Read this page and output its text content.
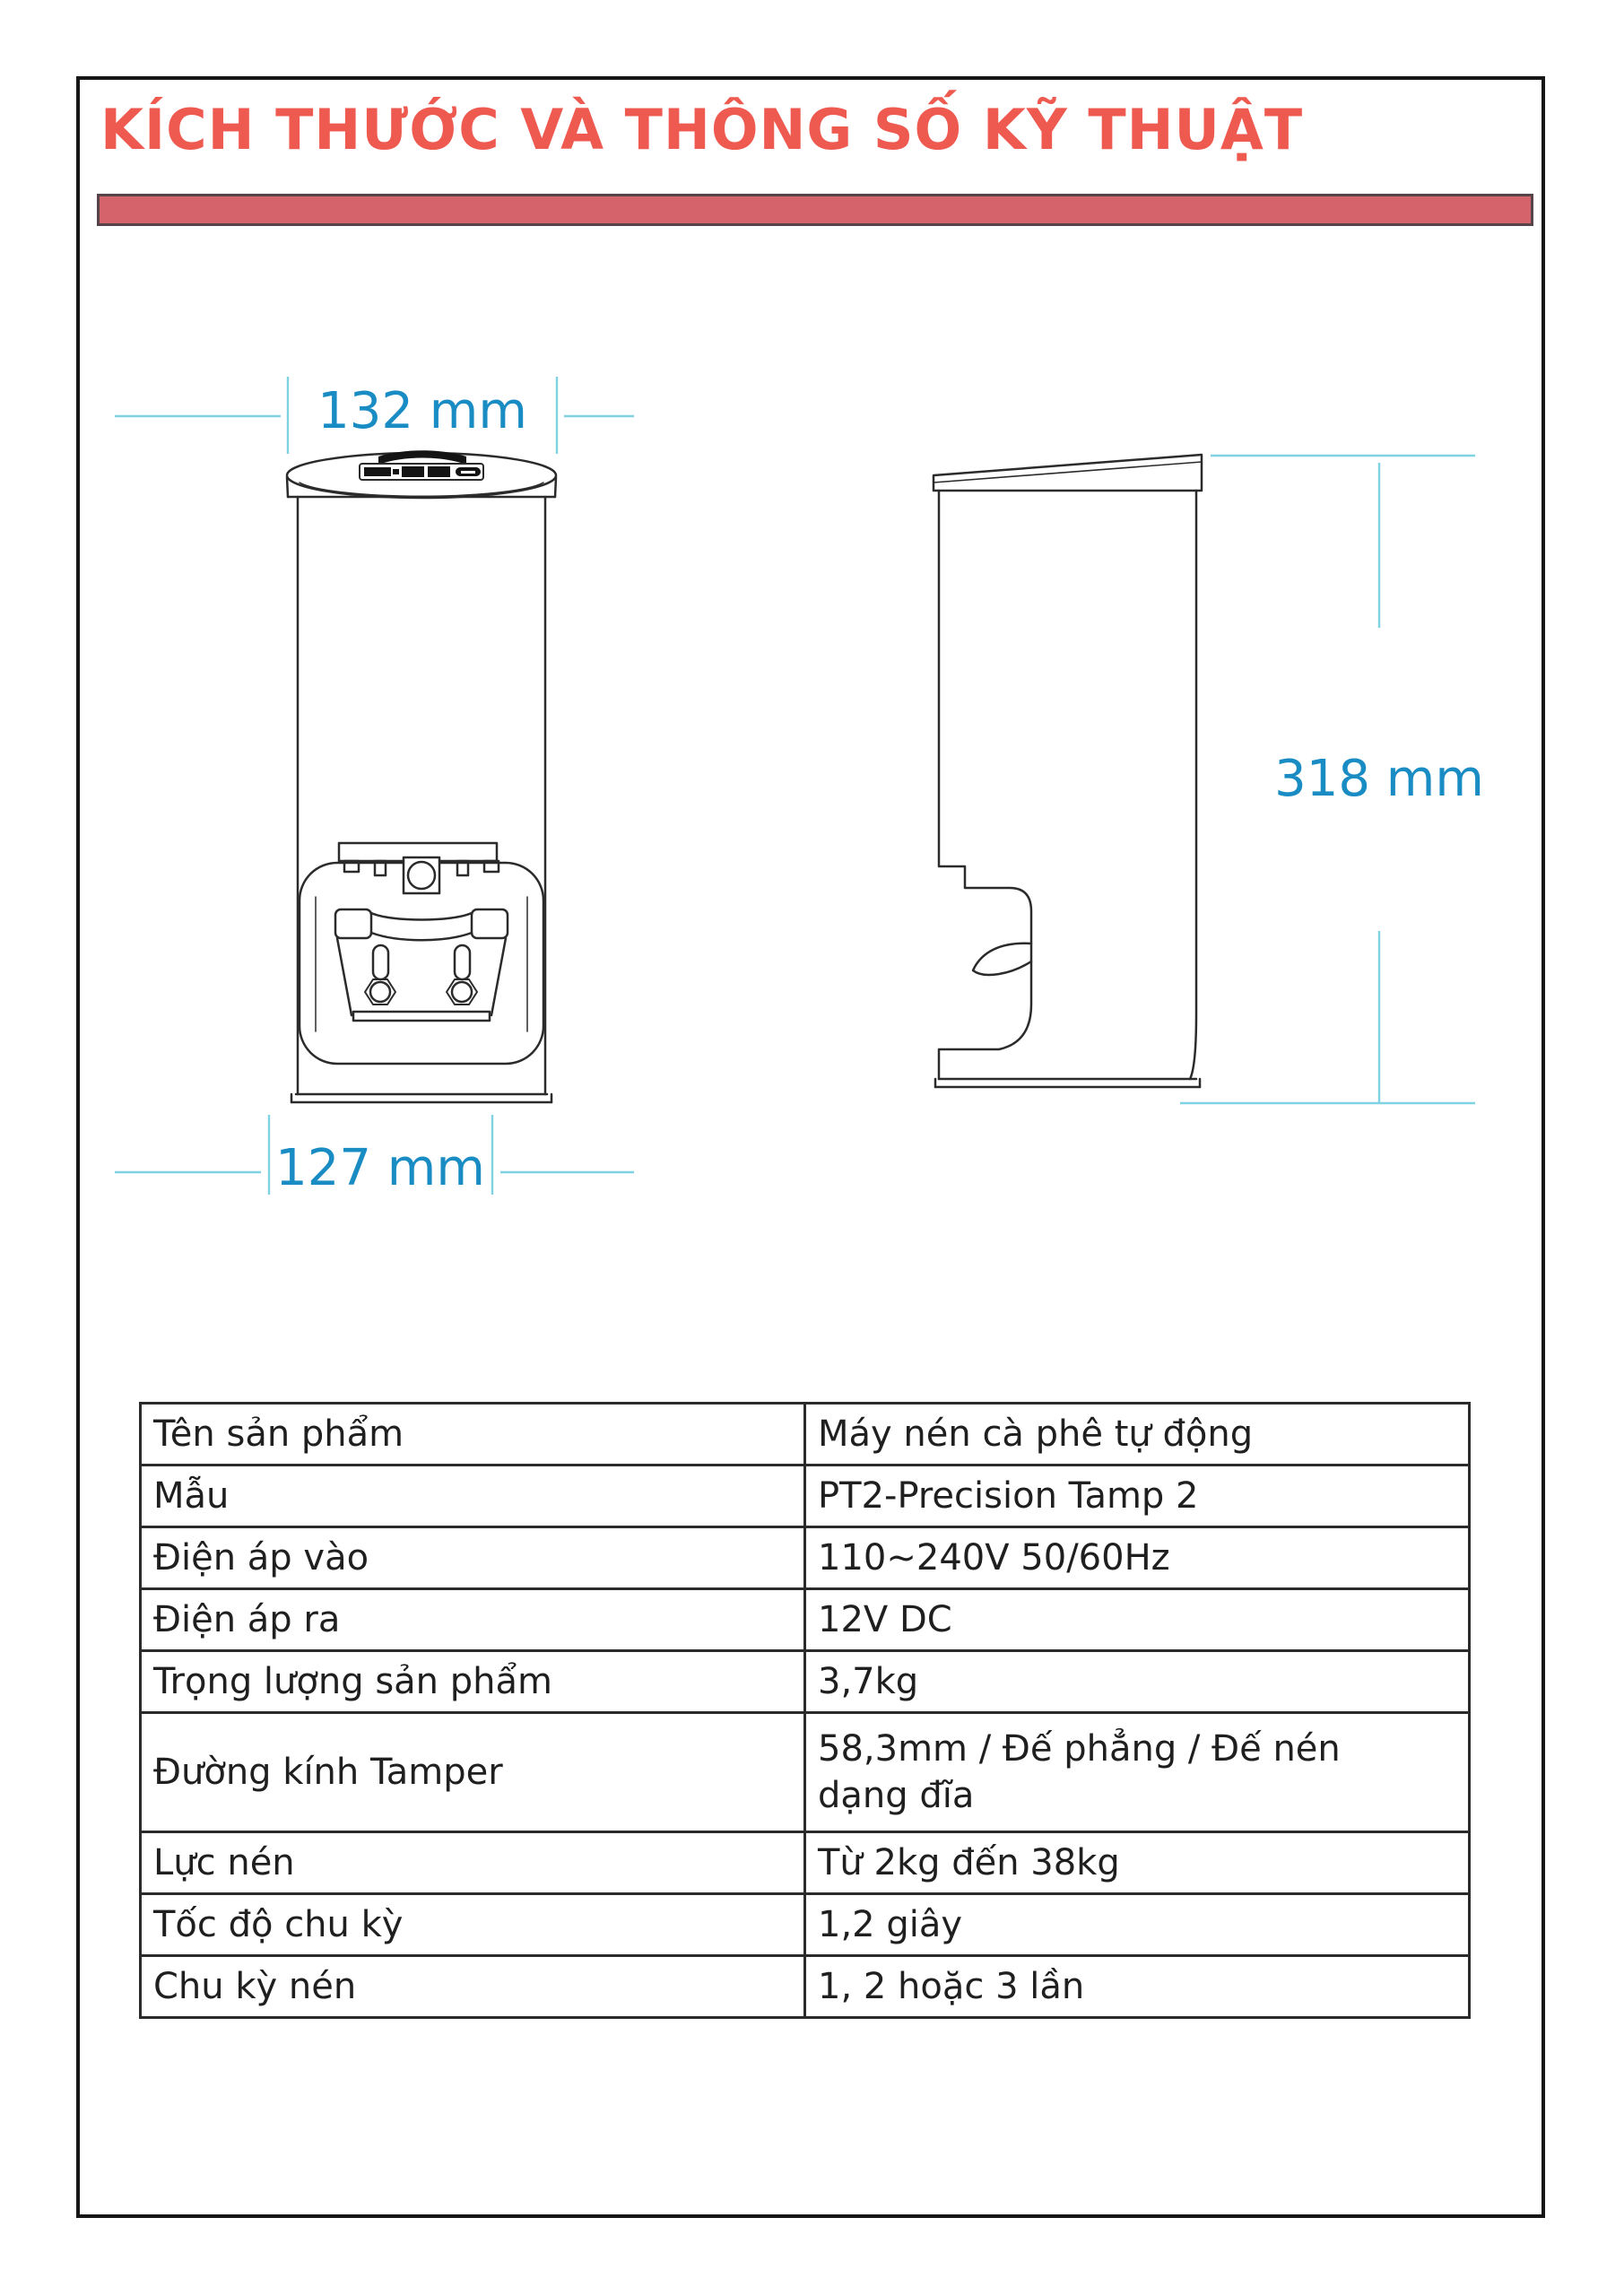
KÍCH THƯỚC VÀ THÔNG SỐ KỸ THUẬT
132 mm
127 mm
318 mm
Tên sản phẩm	Máy nén cà phê tự động
Mẫu	PT2-Precision Tamp 2
Điện áp vào	110~240V 50/60Hz
Điện áp ra	12V DC
Trọng lượng sản phẩm	3,7kg
Đường kính Tamper	58,3mm / Đế phẳng / Đế nén dạng đĩa

Lực nén	Từ 2kg đến 38kg
Tốc độ chu kỳ	1,2 giây
Chu kỳ nén	1, 2 hoặc 3 lần
